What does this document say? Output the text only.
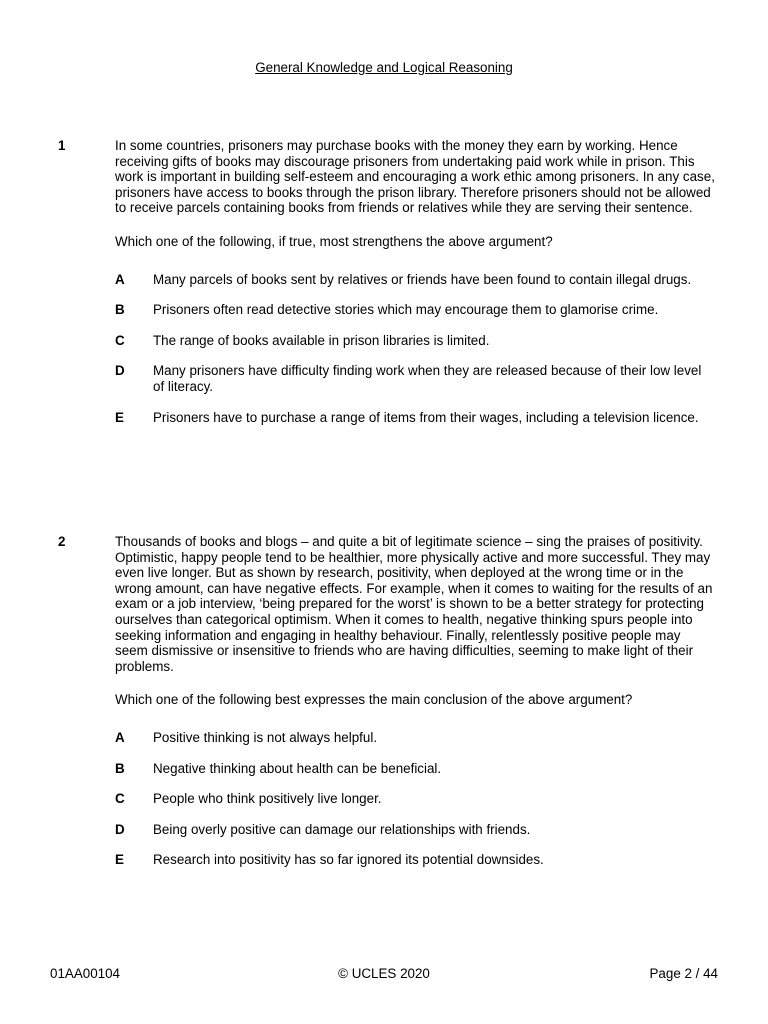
General Knowledge and Logical Reasoning
1	In some countries, prisoners may purchase books with the money they earn by working. Hence receiving gifts of books may discourage prisoners from undertaking paid work while in prison. This work is important in building self-esteem and encouraging a work ethic among prisoners. In any case, prisoners have access to books through the prison library. Therefore prisoners should not be allowed to receive parcels containing books from friends or relatives while they are serving their sentence.

Which one of the following, if true, most strengthens the above argument?

A Many parcels of books sent by relatives or friends have been found to contain illegal drugs.
B Prisoners often read detective stories which may encourage them to glamorise crime.
C The range of books available in prison libraries is limited.
D Many prisoners have difficulty finding work when they are released because of their low level of literacy.
E Prisoners have to purchase a range of items from their wages, including a television licence.
2	Thousands of books and blogs – and quite a bit of legitimate science – sing the praises of positivity. Optimistic, happy people tend to be healthier, more physically active and more successful. They may even live longer. But as shown by research, positivity, when deployed at the wrong time or in the wrong amount, can have negative effects. For example, when it comes to waiting for the results of an exam or a job interview, ‘being prepared for the worst’ is shown to be a better strategy for protecting ourselves than categorical optimism. When it comes to health, negative thinking spurs people into seeking information and engaging in healthy behaviour. Finally, relentlessly positive people may seem dismissive or insensitive to friends who are having difficulties, seeming to make light of their problems.

Which one of the following best expresses the main conclusion of the above argument?

A Positive thinking is not always helpful.
B Negative thinking about health can be beneficial.
C People who think positively live longer.
D Being overly positive can damage our relationships with friends.
E Research into positivity has so far ignored its potential downsides.
01AA00104	© UCLES 2020	Page 2 / 44
